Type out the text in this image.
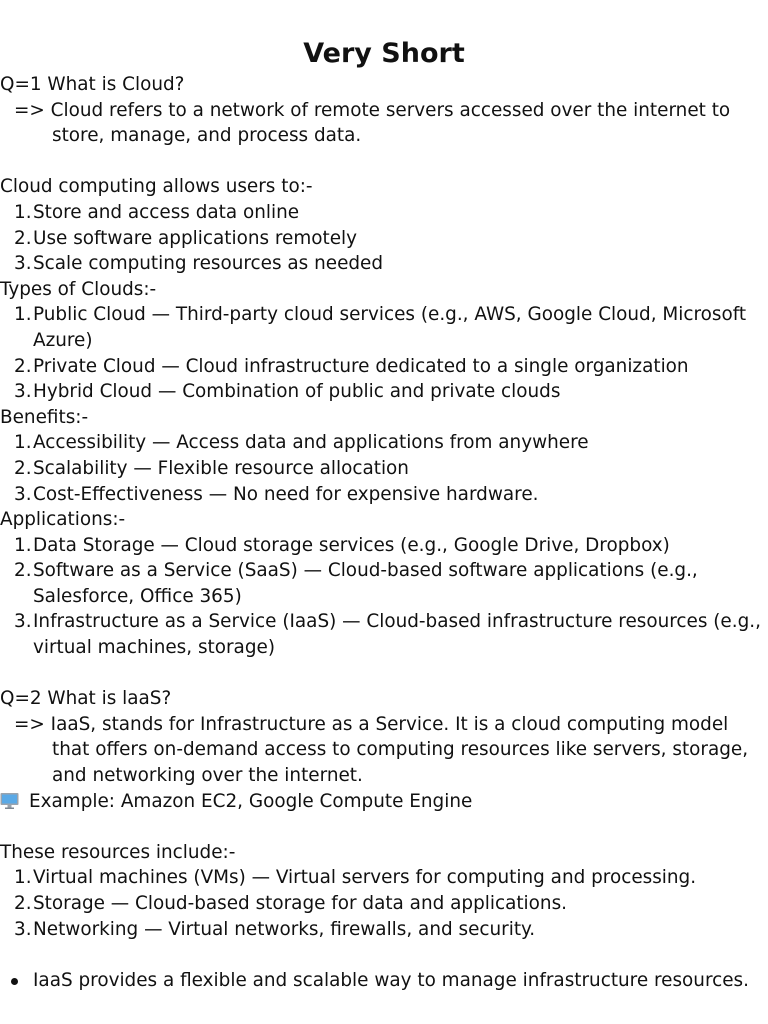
Very Short
Q=1 What is Cloud?
=> Cloud refers to a network of remote servers accessed over the internet to
store, manage, and process data.
Cloud computing allows users to:-
1. Store and access data online
2. Use software applications remotely
3. Scale computing resources as needed
Types of Clouds:-
1. Public Cloud — Third-party cloud services (e.g., AWS, Google Cloud, Microsoft
Azure)
2. Private Cloud — Cloud infrastructure dedicated to a single organization
3. Hybrid Cloud — Combination of public and private clouds
Benefits:-
1. Accessibility — Access data and applications from anywhere
2. Scalability — Flexible resource allocation
3. Cost-Effectiveness — No need for expensive hardware.
Applications:-
1. Data Storage — Cloud storage services (e.g., Google Drive, Dropbox)
2. Software as a Service (SaaS) — Cloud-based software applications (e.g.,
Salesforce, Office 365)
3. Infrastructure as a Service (IaaS) — Cloud-based infrastructure resources (e.g.,
virtual machines, storage)
Q=2 What is laaS?
=> IaaS, stands for Infrastructure as a Service. It is a cloud computing model
that offers on-demand access to computing resources like servers, storage,
and networking over the internet.
Example: Amazon EC2, Google Compute Engine
These resources include:-
1. Virtual machines (VMs) — Virtual servers for computing and processing.
2. Storage — Cloud-based storage for data and applications.
3. Networking — Virtual networks, firewalls, and security.
IaaS provides a flexible and scalable way to manage infrastructure resources.
